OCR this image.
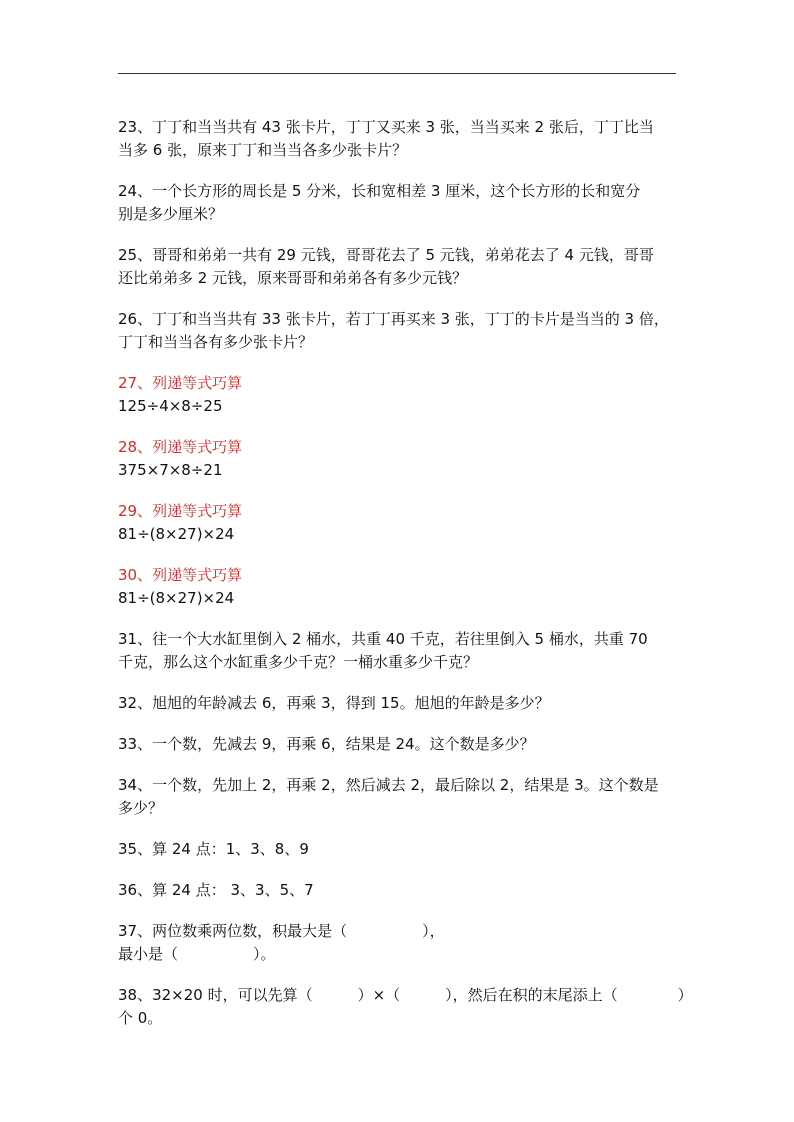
23、丁丁和当当共有 43 张卡片，丁丁又买来 3 张，当当买来 2 张后，丁丁比当

当多 6 张，原来丁丁和当当各多少张卡片？

24、一个长方形的周长是 5 分米，长和宽相差 3 厘米，这个长方形的长和宽分

别是多少厘米？

25、哥哥和弟弟一共有 29 元钱，哥哥花去了 5 元钱，弟弟花去了 4 元钱，哥哥

还比弟弟多 2 元钱，原来哥哥和弟弟各有多少元钱？

26、丁丁和当当共有 33 张卡片，若丁丁再买来 3 张，丁丁的卡片是当当的 3 倍，

丁丁和当当各有多少张卡片？

27、列递等式巧算

125÷4×8÷25

28、列递等式巧算

375×7×8÷21

29、列递等式巧算

81÷(8×27)×24

30、列递等式巧算

81÷(8×27)×24

31、往一个大水缸里倒入 2 桶水，共重 40 千克，若往里倒入 5 桶水，共重 70

千克，那么这个水缸重多少千克？一桶水重多少千克？

32、旭旭的年龄减去 6，再乘 3，得到 15。旭旭的年龄是多少？

33、一个数，先减去 9，再乘 6，结果是 24。这个数是多少？

34、一个数，先加上 2，再乘 2，然后减去 2，最后除以 2，结果是 3。这个数是

多少？

35、算 24 点：1、3、8、9

36、算 24 点： 3、3、5、7

37、两位数乘两位数，积最大是（　　　　　），

最小是（　　　　　）。

38、32×20 时，可以先算（　　　）×（　　　），然后在积的末尾添上（　　　　）

个 0。
